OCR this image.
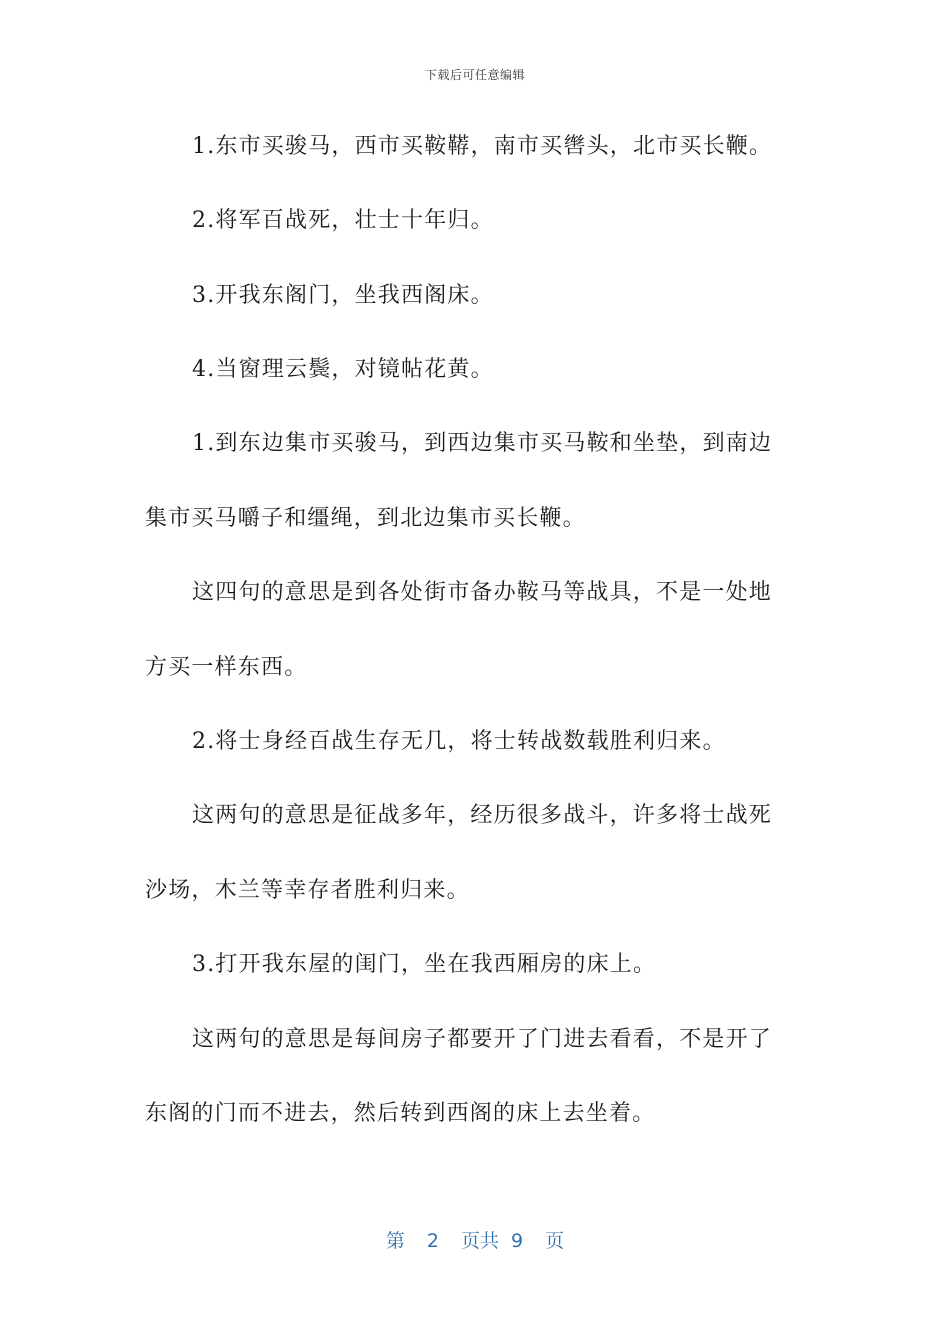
下载后可任意编辑
1.东市买骏马，西市买鞍鞯，南市买辔头，北市买长鞭。
2.将军百战死，壮士十年归。
3.开我东阁门，坐我西阁床。
4.当窗理云鬓，对镜帖花黄。
1.到东边集市买骏马，到西边集市买马鞍和坐垫，到南边
集市买马嚼子和缰绳，到北边集市买长鞭。
这四句的意思是到各处街市备办鞍马等战具，不是一处地
方买一样东西。
2.将士身经百战生存无几，将士转战数载胜利归来。
这两句的意思是征战多年，经历很多战斗，许多将士战死
沙场，木兰等幸存者胜利归来。
3.打开我东屋的闺门，坐在我西厢房的床上。
这两句的意思是每间房子都要开了门进去看看，不是开了
东阁的门而不进去，然后转到西阁的床上去坐着。
第 2 页共 9 页
